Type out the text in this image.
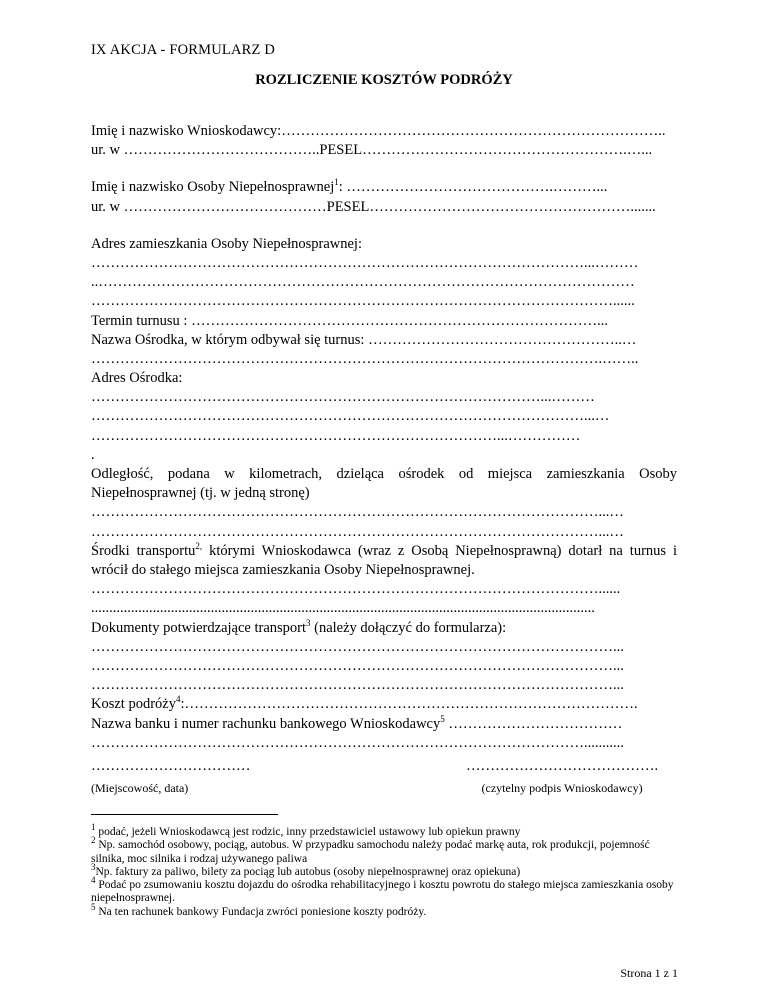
IX AKCJA - FORMULARZ D
ROZLICZENIE KOSZTÓW PODRÓŻY
Imię i nazwisko Wnioskodawcy:……………………………………………………………………..
ur. w …………………………………..PESEL……………………………………………….…...
Imię i nazwisko Osoby Niepełnosprawnej$^1$: …………………………………….………...
ur. w ……………………………………PESEL……………………………………………….......
Adres zamieszkania Osoby Niepełnosprawnej:
…………………………………………………………………………………………...………
..…………………………………………………………………………………………………
………………………………………………………………………………………………......
Termin turnusu : …………………………………………………………………………...
Nazwa Ośrodka, w którym odbywał się turnus: ……………………………………………..…
…………………………………………………………………………………………….……..
Adres Ośrodka:
…………………………………………………………………………………...………
…………………………………………………………………………………………...…
…………………………………………………………………………...……………
.
Odległość, podana w kilometrach, dzieląca ośrodek od miejsca zamieszkania Osoby Niepełnosprawnej (tj. w jedną stronę)
……………………………………………………………………………………………...…
……………………………………………………………………………………………...…
Środki transportu$^{2,}$ którymi Wnioskodawca (wraz z Osobą Niepełnosprawną) dotarł na turnus i wrócił do stałego miejsca zamieszkania Osoby Niepełnosprawnej.
……………………………………………………………………………………………......
...........................................................................................................................................
Dokumenty potwierdzające transport$^3$ (należy dołączyć do formularza):
………………………………………………………………………………………………...
………………………………………………………………………………………………...
………………………………………………………………………………………………...
Koszt podróży$^4$:………………………………………………………………………………….
Nazwa banku i numer rachunku bankowego Wnioskodawcy$^5$ ………………………………
…………………………………………………………………………………………...........
……………………………
(Miejscowość, data)
………………………………….
(czytelny podpis Wnioskodawcy)

$^1$ podać, jeżeli Wnioskodawcą jest rodzic, inny przedstawiciel ustawowy lub opiekun prawny

$^2$ Np. samochód osobowy, pociąg, autobus. W przypadku samochodu należy podać markę auta, rok produkcji, pojemność silnika, moc silnika i rodzaj używanego paliwa

$^3$Np. faktury za paliwo, bilety za pociąg lub autobus (osoby niepełnosprawnej oraz opiekuna)

$^4$ Podać po zsumowaniu kosztu dojazdu do ośrodka rehabilitacyjnego i kosztu powrotu do stałego miejsca zamieszkania osoby niepełnosprawnej.

$^5$ Na ten rachunek bankowy Fundacja zwróci poniesione koszty podróży.

Strona 1 z 1
